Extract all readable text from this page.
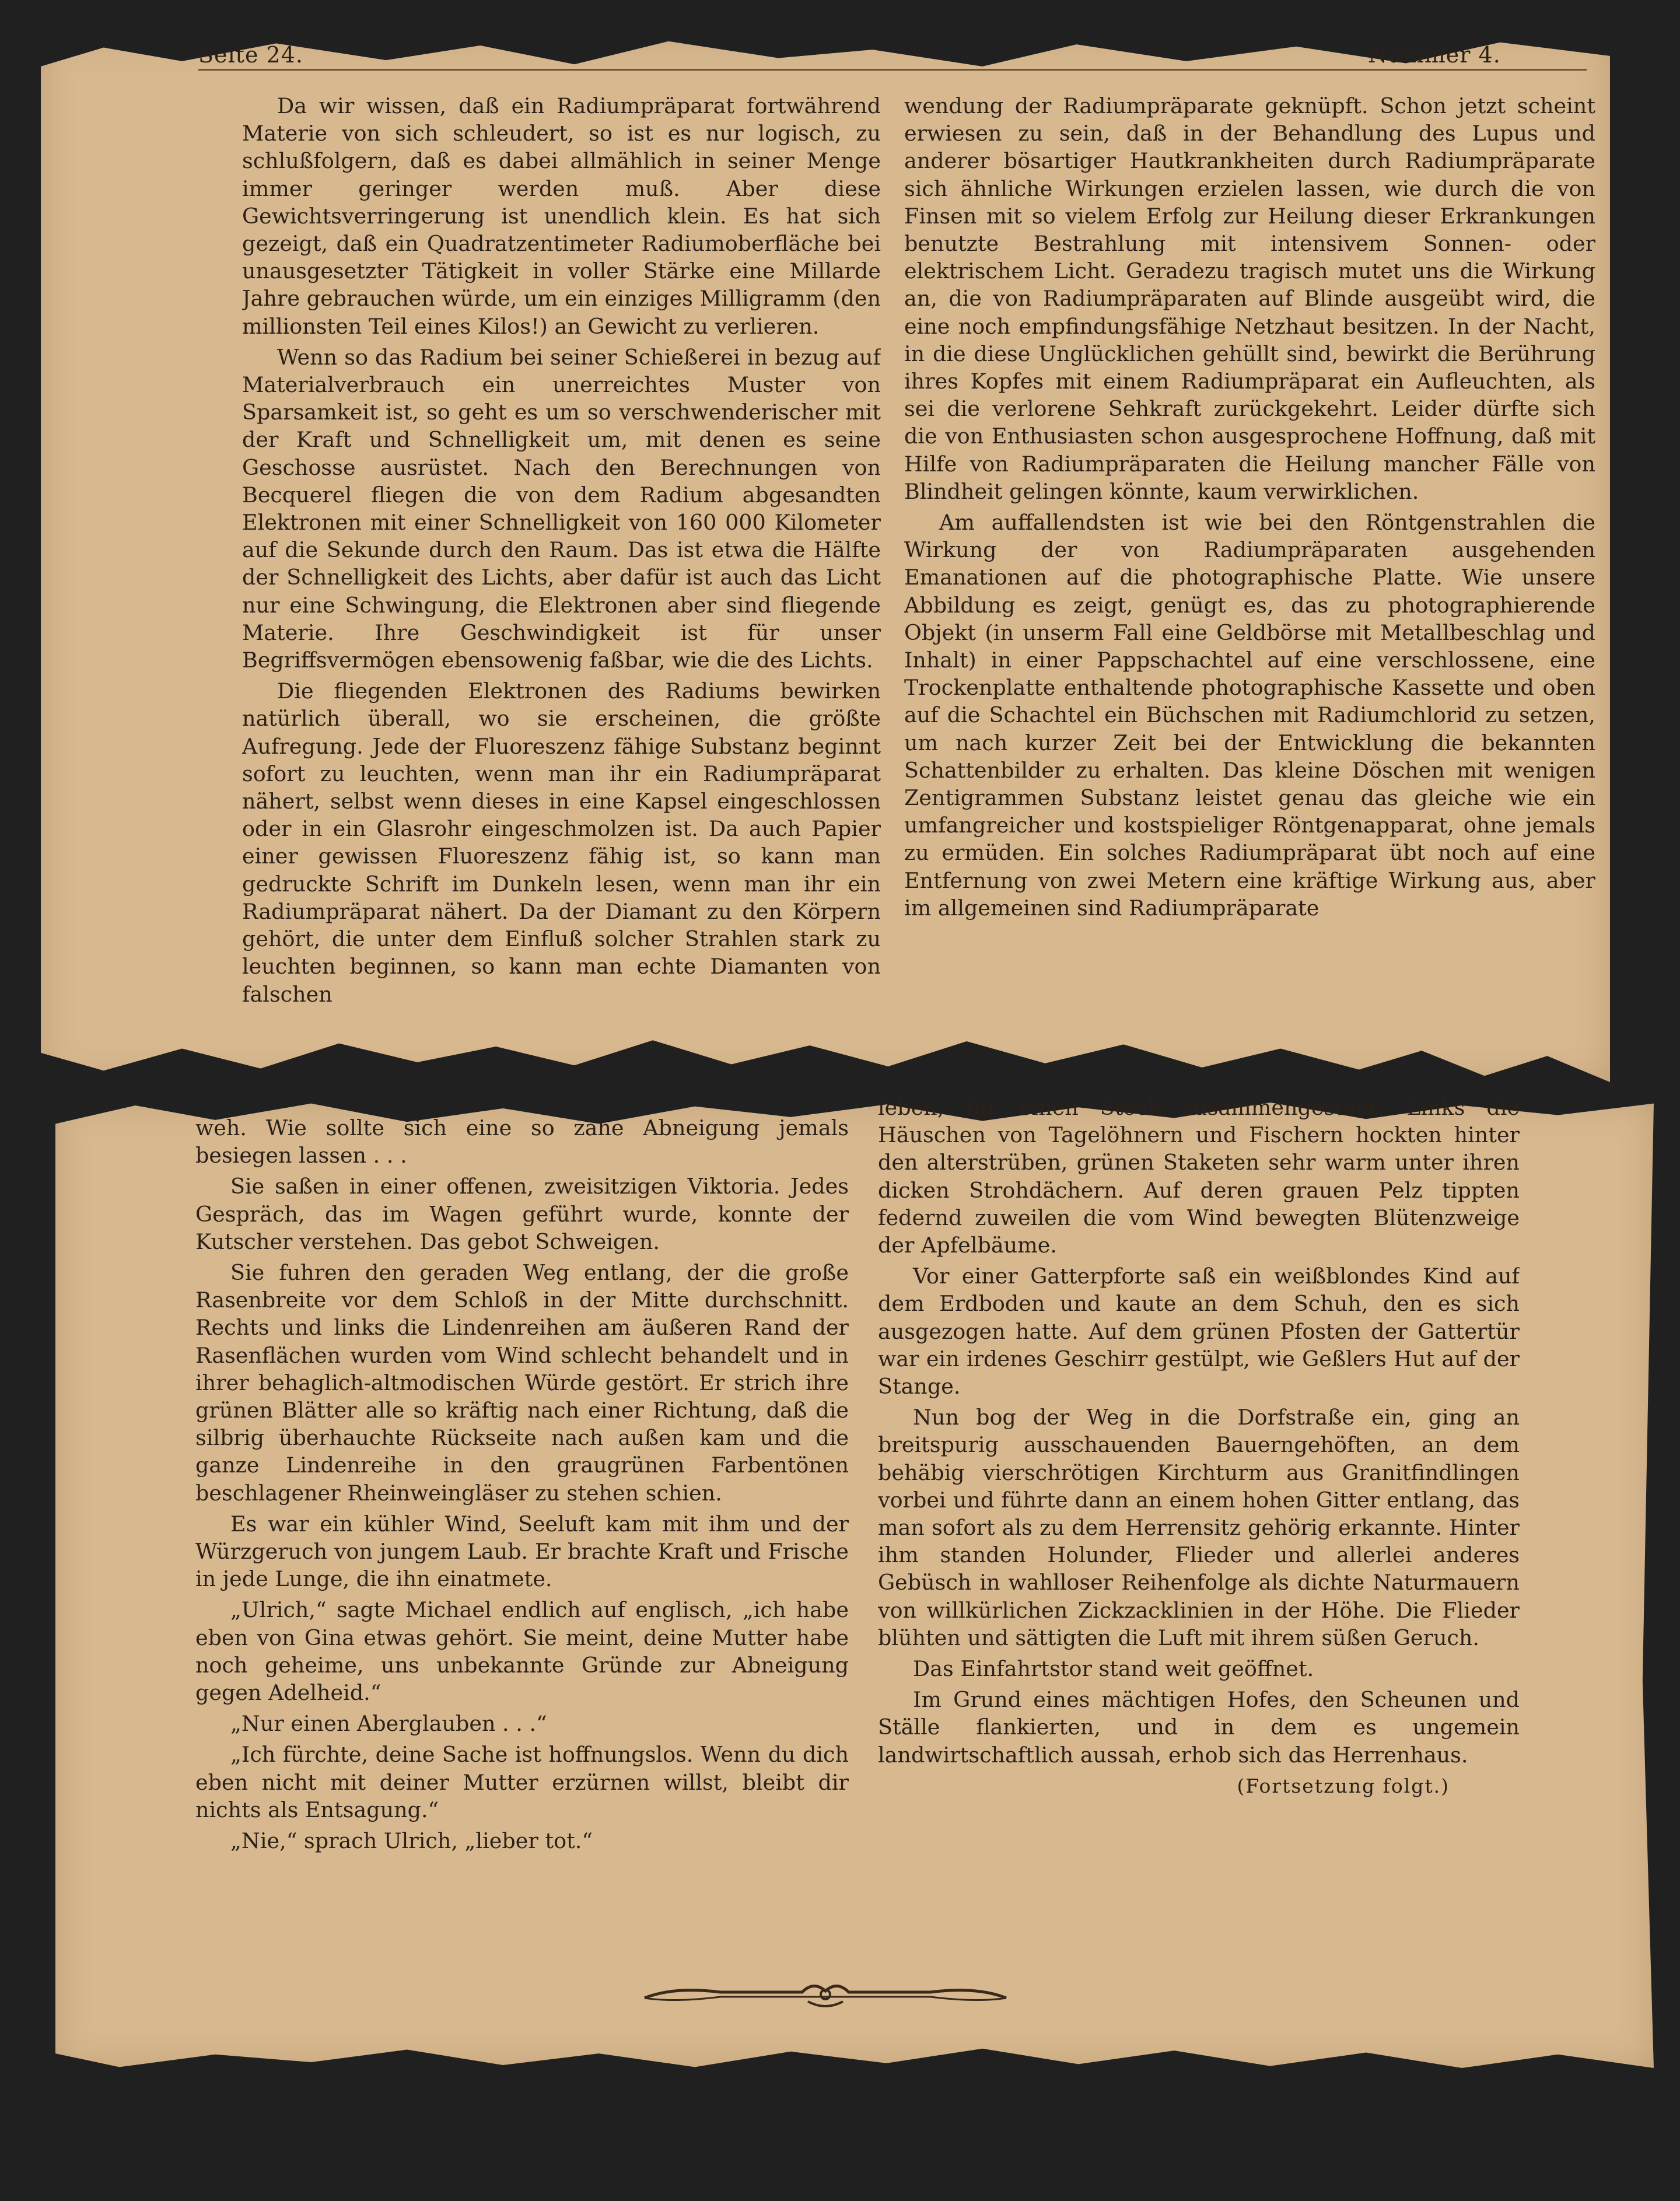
Seite 24.	Nummer 4.

Da wir wissen, daß ein Radiumpräparat fortwährend Materie von sich schleudert, so ist es nur logisch, zu schlußfolgern, daß es dabei allmählich in seiner Menge immer geringer werden muß. Aber diese Gewichtsverringerung ist unendlich klein. Es hat sich gezeigt, daß ein Quadratzentimeter Radiumoberfläche bei unausgesetzter Tätigkeit in voller Stärke eine Millarde Jahre gebrauchen würde, um ein einziges Milligramm (den millionsten Teil eines Kilos!) an Gewicht zu verlieren.

Wenn so das Radium bei seiner Schießerei in bezug auf Materialverbrauch ein unerreichtes Muster von Sparsamkeit ist, so geht es um so verschwenderischer mit der Kraft und Schnelligkeit um, mit denen es seine Geschosse ausrüstet. Nach den Berechnungen von Becquerel fliegen die von dem Radium abgesandten Elektronen mit einer Schnelligkeit von 160 000 Kilometer auf die Sekunde durch den Raum. Das ist etwa die Hälfte der Schnelligkeit des Lichts, aber dafür ist auch das Licht nur eine Schwingung, die Elektronen aber sind fliegende Materie. Ihre Geschwindigkeit ist für unser Begriffsvermögen ebensowenig faßbar, wie die des Lichts.

Die fliegenden Elektronen des Radiums bewirken natürlich überall, wo sie erscheinen, die größte Aufregung. Jede der Fluoreszenz fähige Substanz beginnt sofort zu leuchten, wenn man ihr ein Radiumpräparat nähert, selbst wenn dieses in eine Kapsel eingeschlossen oder in ein Glasrohr eingeschmolzen ist. Da auch Papier einer gewissen Fluoreszenz fähig ist, so kann man gedruckte Schrift im Dunkeln lesen, wenn man ihr ein Radiumpräparat nähert. Da der Diamant zu den Körpern gehört, die unter dem Einfluß solcher Strahlen stark zu leuchten beginnen, so kann man echte Diamanten von falschen

wendung der Radiumpräparate geknüpft. Schon jetzt scheint erwiesen zu sein, daß in der Behandlung des Lupus und anderer bösartiger Hautkrankheiten durch Radiumpräparate sich ähnliche Wirkungen erzielen lassen, wie durch die von Finsen mit so vielem Erfolg zur Heilung dieser Erkrankungen benutzte Bestrahlung mit intensivem Sonnen- oder elektrischem Licht. Geradezu tragisch mutet uns die Wirkung an, die von Radiumpräparaten auf Blinde ausgeübt wird, die eine noch empfindungsfähige Netzhaut besitzen. In der Nacht, in die diese Unglücklichen gehüllt sind, bewirkt die Berührung ihres Kopfes mit einem Radiumpräparat ein Aufleuchten, als sei die verlorene Sehkraft zurückgekehrt. Leider dürfte sich die von Enthusiasten schon ausgesprochene Hoffnung, daß mit Hilfe von Radiumpräparaten die Heilung mancher Fälle von Blindheit gelingen könnte, kaum verwirklichen.

Am auffallendsten ist wie bei den Röntgenstrahlen die Wirkung der von Radiumpräparaten ausgehenden Emanationen auf die photographische Platte. Wie unsere Abbildung es zeigt, genügt es, das zu photographierende Objekt (in unserm Fall eine Geldbörse mit Metallbeschlag und Inhalt) in einer Pappschachtel auf eine verschlossene, eine Trockenplatte enthaltende photographische Kassette und oben auf die Schachtel ein Büchschen mit Radiumchlorid zu setzen, um nach kurzer Zeit bei der Entwicklung die bekannten Schattenbilder zu erhalten. Das kleine Döschen mit wenigen Zentigrammen Substanz leistet genau das gleiche wie ein umfangreicher und kostspieliger Röntgenapparat, ohne jemals zu ermüden. Ein solches Radiumpräparat übt noch auf eine Entfernung von zwei Metern eine kräftige Wirkung aus, aber im allgemeinen sind Radiumpräparate

weh. Wie sollte sich eine so zähe Abneigung jemals besiegen lassen . . .

Sie saßen in einer offenen, zweisitzigen Viktoria. Jedes Gespräch, das im Wagen geführt wurde, konnte der Kutscher verstehen. Das gebot Schweigen.

Sie fuhren den geraden Weg entlang, der die große Rasenbreite vor dem Schloß in der Mitte durchschnitt. Rechts und links die Lindenreihen am äußeren Rand der Rasenflächen wurden vom Wind schlecht behandelt und in ihrer behaglich-altmodischen Würde gestört. Er strich ihre grünen Blätter alle so kräftig nach einer Richtung, daß die silbrig überhauchte Rückseite nach außen kam und die ganze Lindenreihe in den graugrünen Farbentönen beschlagener Rheinweingläser zu stehen schien.

Es war ein kühler Wind, Seeluft kam mit ihm und der Würzgeruch von jungem Laub. Er brachte Kraft und Frische in jede Lunge, die ihn einatmete.

„Ulrich,“ sagte Michael endlich auf englisch, „ich habe eben von Gina etwas gehört. Sie meint, deine Mutter habe noch geheime, uns unbekannte Gründe zur Abneigung gegen Adelheid.“

„Nur einen Aberglauben . . .“

„Ich fürchte, deine Sache ist hoffnungslos. Wenn du dich eben nicht mit deiner Mutter erzürnen willst, bleibt dir nichts als Entsagung.“

„Nie,“ sprach Ulrich, „lieber tot.“

leben, für einen Stock zusammengestellt. Links die Häuschen von Tagelöhnern und Fischern hockten hinter den alterstrüben, grünen Staketen sehr warm unter ihren dicken Strohdächern. Auf deren grauen Pelz tippten federnd zuweilen die vom Wind bewegten Blütenzweige der Apfelbäume.

Vor einer Gatterpforte saß ein weißblondes Kind auf dem Erdboden und kaute an dem Schuh, den es sich ausgezogen hatte. Auf dem grünen Pfosten der Gattertür war ein irdenes Geschirr gestülpt, wie Geßlers Hut auf der Stange.

Nun bog der Weg in die Dorfstraße ein, ging an breitspurig ausschauenden Bauerngehöften, an dem behäbig vierschrötigen Kirchturm aus Granitfindlingen vorbei und führte dann an einem hohen Gitter entlang, das man sofort als zu dem Herrensitz gehörig erkannte. Hinter ihm standen Holunder, Flieder und allerlei anderes Gebüsch in wahlloser Reihenfolge als dichte Naturmauern von willkürlichen Zickzacklinien in der Höhe. Die Flieder blühten und sättigten die Luft mit ihrem süßen Geruch.

Das Einfahrtstor stand weit geöffnet.

Im Grund eines mächtigen Hofes, den Scheunen und Ställe flankierten, und in dem es ungemein landwirtschaftlich aussah, erhob sich das Herrenhaus.

(Fortsetzung folgt.)
